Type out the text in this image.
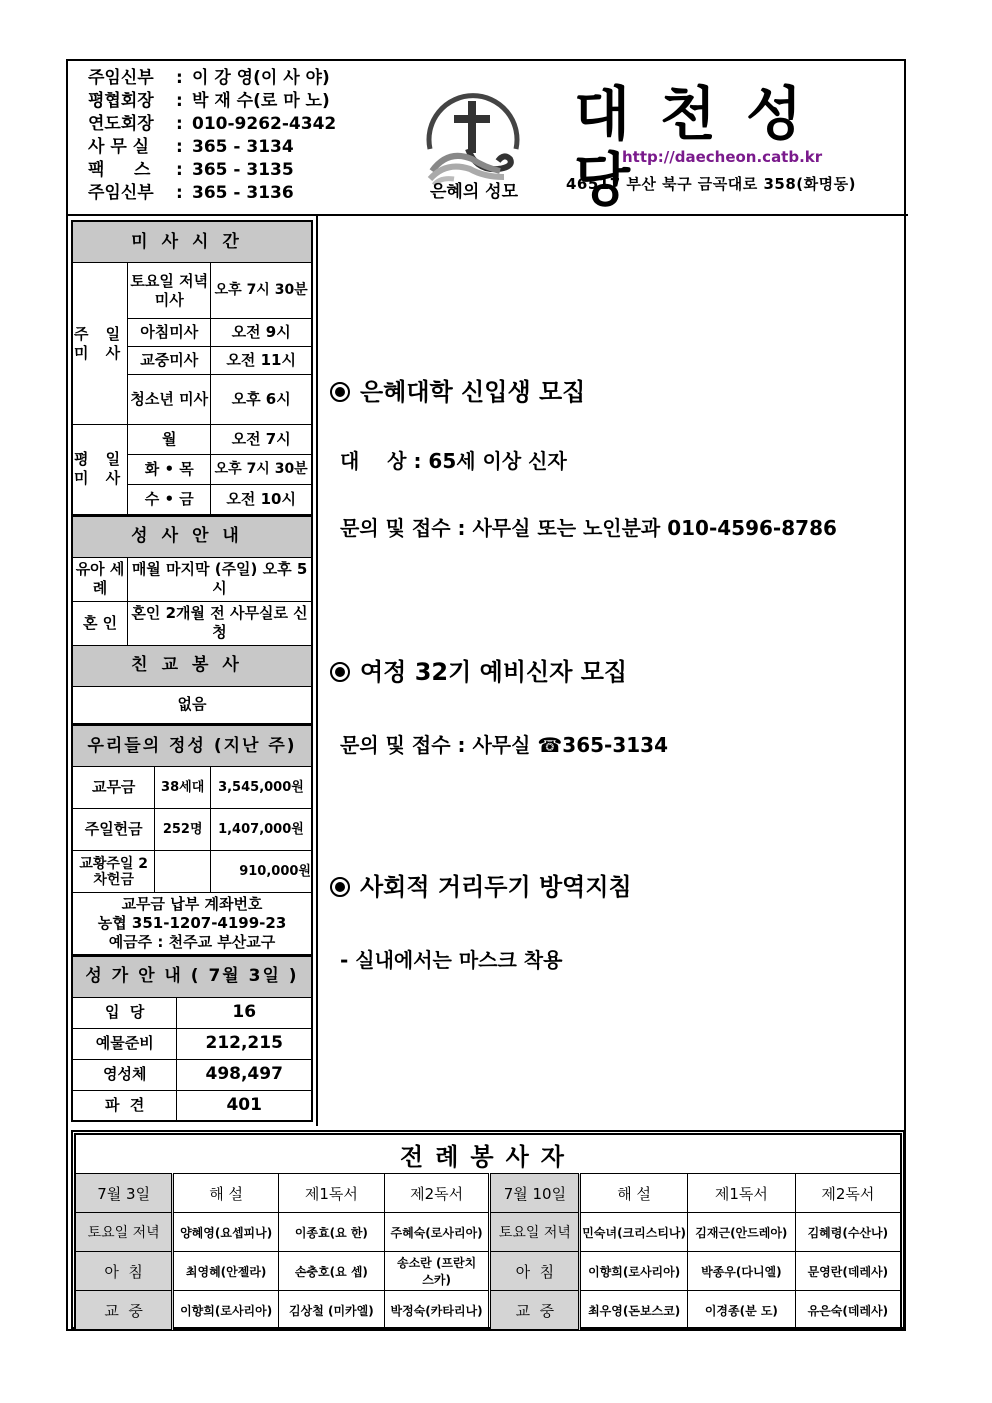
주임신부	: 이 강 영(이 사 야)
평협회장	: 박 재 수(로 마 노)
연도회장	: 010-9262-4342
사 무 실	: 365 - 3134
팩     스	: 365 - 3135
주임신부	: 365 - 3136	은혜의 성모
대천성당
http://daecheon.catb.kr
46517 부산 북구 금곡대로 358(화명동)
미사시간		
주 일 미 사	토요일 저녁미사	오후 7시 30분
	아침미사	오전 9시
	교중미사	오전 11시
	청소년 미사	오후 6시
평 일 미 사	월	오전 7시
	화 • 목	오후 7시 30분
	수 • 금	오전 10시
성사안내	
유아 세례	매월 마지막 (주일) 오후 5시
혼 인	혼인 2개월 전 사무실로 신청
친교봉사	
없음	
우리들의 정성 (지난 주)		
교무금	38세대	3,545,000원
주일헌금	252명	1,407,000원
교황주일 2차헌금		910,000원

교무금 납부 계좌번호
농협 351-1207-4199-23
예금주 : 천주교 부산교구		
성 가 안 내 ( 7월 3일 )	
입  당	16
예물준비	212,215
영성체	498,497
파  견	401
은혜대학 신입생 모집
대    상 : 65세 이상 신자
문의 및 접수 : 사무실 또는 노인분과 010-4596-8786
여정 32기 예비신자 모집
문의 및 접수 : 사무실 ☎365-3134
사회적 거리두기 방역지침
- 실내에서는 마스크 착용
전례봉사자							
7월 3일	해 설	제1독서	제2독서	7월 10일	해 설	제1독서	제2독서
토요일 저녁	양혜영(요셉피나)	이종효(요 한)	주혜숙(로사리아)	토요일 저녁	민숙녀(크리스티나)	김재근(안드레아)	김혜령(수산나)
아  침	최영혜(안젤라)	손충호(요 셉)	송소란 (프란치스카)	아  침	이향희(로사리아)	박종우(다니엘)	문영란(데레사)
교  중	이향희(로사리아)	김상철 (미카엘)	박정숙(카타리나)	교  중	최우영(돈보스코)	이경종(분 도)	유은숙(데레사)
